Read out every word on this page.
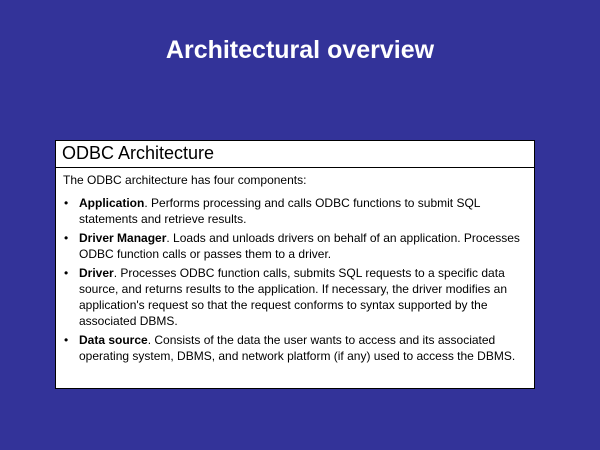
Architectural overview
ODBC Architecture

The ODBC architecture has four components:

• Application. Performs processing and calls ODBC functions to submit SQL statements and retrieve results.
• Driver Manager. Loads and unloads drivers on behalf of an application. Processes ODBC function calls or passes them to a driver.
• Driver. Processes ODBC function calls, submits SQL requests to a specific data source, and returns results to the application. If necessary, the driver modifies an application's request so that the request conforms to syntax supported by the associated DBMS.
• Data source. Consists of the data the user wants to access and its associated operating system, DBMS, and network platform (if any) used to access the DBMS.
